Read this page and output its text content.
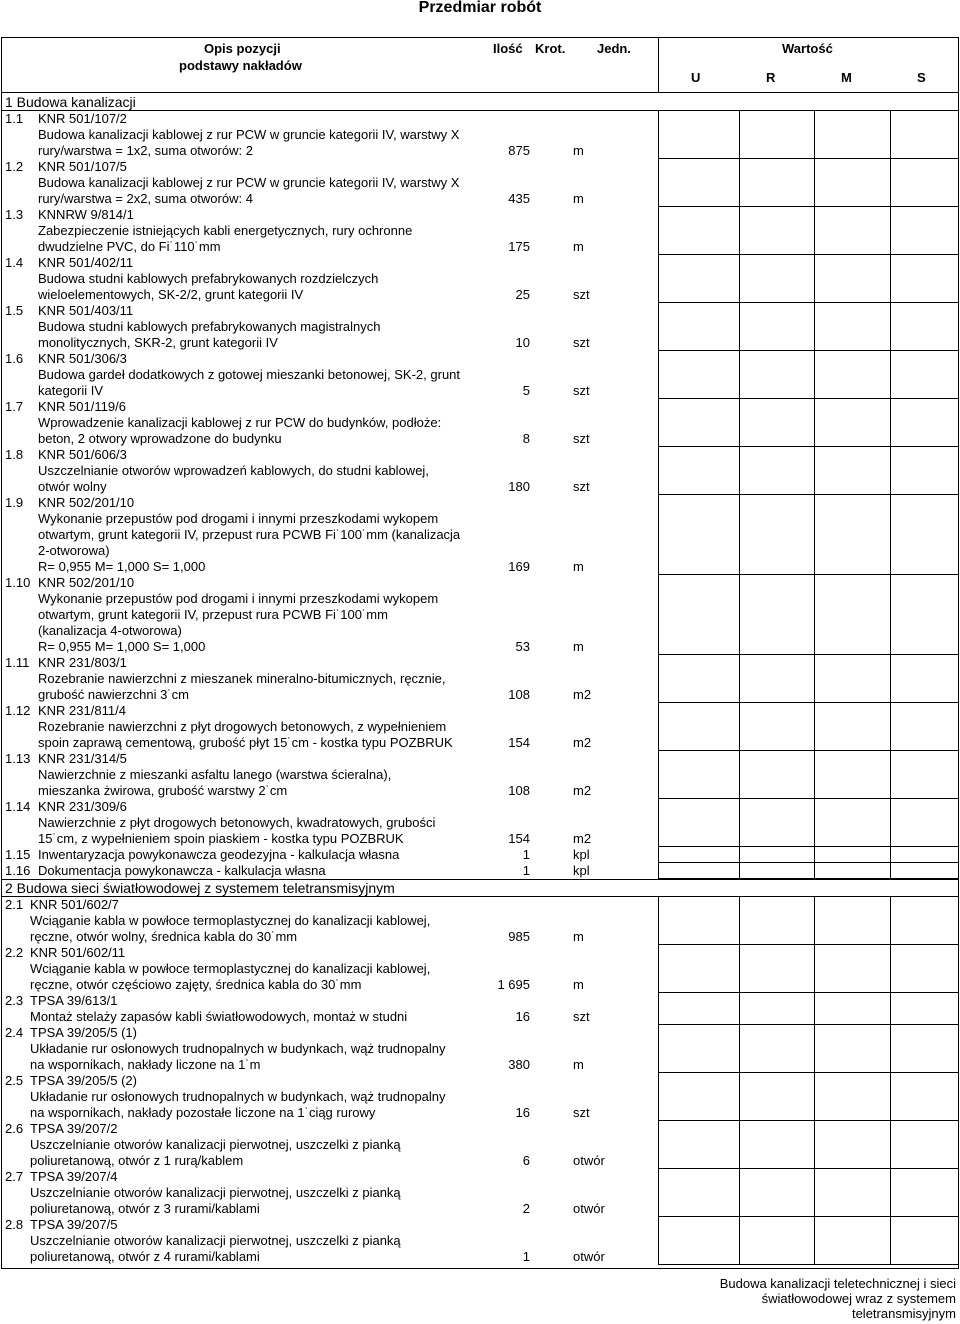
Przedmiar robót
Opis pozycji
podstawy nakładów
Ilość Krot. Jedn.	Wartość
U	R	M	S
1 Budowa kanalizacji
1.1 KNR 501/107/2
Budowa kanalizacji kablowej z rur PCW w gruncie kategorii IV, warstwy X
rury/warstwa = 1x2, suma otworów: 2	875	m
1.2 KNR 501/107/5
Budowa kanalizacji kablowej z rur PCW w gruncie kategorii IV, warstwy X
rury/warstwa = 2x2, suma otworów: 4	435	m
1.3 KNNRW 9/814/1
Zabezpieczenie istniejących kabli energetycznych, rury ochronne
dwudzielne PVC, do Fi˙110˙mm	175	m
1.4 KNR 501/402/11
Budowa studni kablowych prefabrykowanych rozdzielczych
wieloelementowych, SK-2/2, grunt kategorii IV	25	szt
1.5 KNR 501/403/11
Budowa studni kablowych prefabrykowanych magistralnych
monolitycznych, SKR-2, grunt kategorii IV	10	szt
1.6 KNR 501/306/3
Budowa gardeł dodatkowych z gotowej mieszanki betonowej, SK-2, grunt
kategorii IV	5	szt
1.7 KNR 501/119/6
Wprowadzenie kanalizacji kablowej z rur PCW do budynków, podłoże:
beton, 2 otwory wprowadzone do budynku	8	szt
1.8 KNR 501/606/3
Uszczelnianie otworów wprowadzeń kablowych, do studni kablowej,
otwór wolny	180	szt
1.9 KNR 502/201/10
Wykonanie przepustów pod drogami i innymi przeszkodami wykopem
otwartym, grunt kategorii IV, przepust rura PCWB Fi˙100˙mm (kanalizacja
2-otworowa)
R= 0,955 M= 1,000 S= 1,000	169	m
1.10 KNR 502/201/10
Wykonanie przepustów pod drogami i innymi przeszkodami wykopem
otwartym, grunt kategorii IV, przepust rura PCWB Fi˙100˙mm
(kanalizacja 4-otworowa)
R= 0,955 M= 1,000 S= 1,000	53	m
1.11 KNR 231/803/1
Rozebranie nawierzchni z mieszanek mineralno-bitumicznych, ręcznie,
grubość nawierzchni 3˙cm	108	m2
1.12 KNR 231/811/4
Rozebranie nawierzchni z płyt drogowych betonowych, z wypełnieniem
spoin zaprawą cementową, grubość płyt 15˙cm - kostka typu POZBRUK	154	m2
1.13 KNR 231/314/5
Nawierzchnie z mieszanki asfaltu lanego (warstwa ścieralna),
mieszanka żwirowa, grubość warstwy 2˙cm	108	m2
1.14 KNR 231/309/6
Nawierzchnie z płyt drogowych betonowych, kwadratowych, grubości
15˙cm, z wypełnieniem spoin piaskiem - kostka typu POZBRUK	154	m2
1.15 Inwentaryzacja powykonawcza geodezyjna - kalkulacja własna	1	kpl
1.16 Dokumentacja powykonawcza - kalkulacja własna	1	kpl
2 Budowa sieci światłowodowej z systemem teletransmisyjnym
2.1 KNR 501/602/7
Wciąganie kabla w powłoce termoplastycznej do kanalizacji kablowej,
ręczne, otwór wolny, średnica kabla do 30˙mm	985	m
2.2 KNR 501/602/11
Wciąganie kabla w powłoce termoplastycznej do kanalizacji kablowej,
ręczne, otwór częściowo zajęty, średnica kabla do 30˙mm	1 695	m
2.3 TPSA 39/613/1
Montaż stelaży zapasów kabli światłowodowych, montaż w studni	16	szt
2.4 TPSA 39/205/5 (1)
Układanie rur osłonowych trudnopalnych w budynkach, wąż trudnopalny
na wspornikach, nakłady liczone na 1˙m	380	m
2.5 TPSA 39/205/5 (2)
Układanie rur osłonowych trudnopalnych w budynkach, wąż trudnopalny
na wspornikach, nakłady pozostałe liczone na 1˙ciąg rurowy	16	szt
2.6 TPSA 39/207/2
Uszczelnianie otworów kanalizacji pierwotnej, uszczelki z pianką
poliuretanową, otwór z 1 rurą/kablem	6	otwór
2.7 TPSA 39/207/4
Uszczelnianie otworów kanalizacji pierwotnej, uszczelki z pianką
poliuretanową, otwór z 3 rurami/kablami	2	otwór
2.8 TPSA 39/207/5
Uszczelnianie otworów kanalizacji pierwotnej, uszczelki z pianką
poliuretanową, otwór z 4 rurami/kablami	1	otwór
Budowa kanalizacji teletechnicznej i sieci
światłowodowej wraz z systemem
teletransmisyjnym
